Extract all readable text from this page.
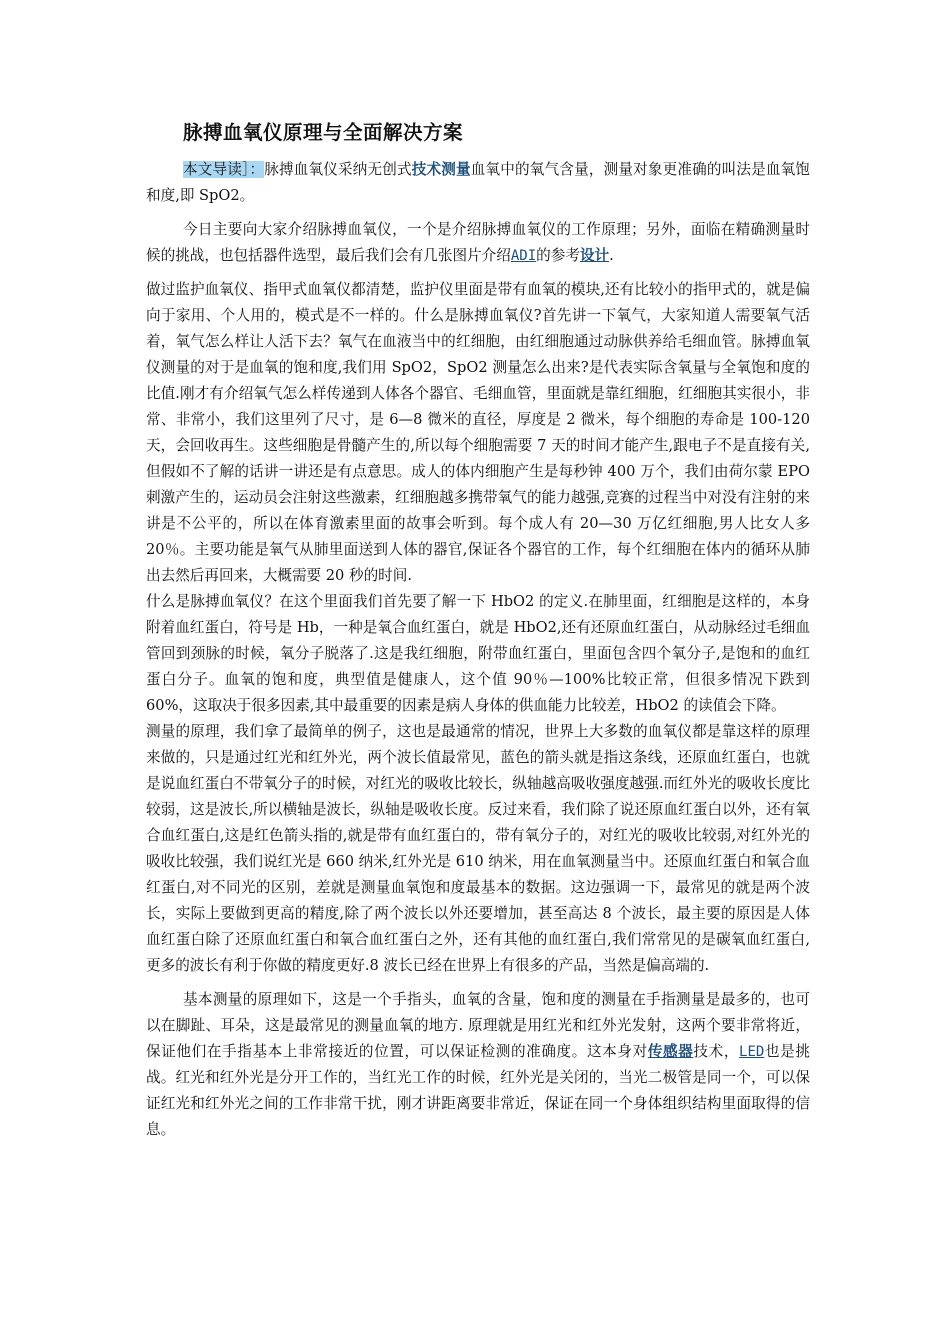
脉搏血氧仪原理与全面解决方案

本文导读］：脉搏血氧仪采纳无创式技术测量血氧中的氧气含量，测量对象更准确的叫法是血氧饱和度,即 SpO2。

今日主要向大家介绍脉搏血氧仪，一个是介绍脉搏血氧仪的工作原理；另外，面临在精确测量时候的挑战，也包括器件选型，最后我们会有几张图片介绍ADI的参考设计.

做过监护血氧仪、指甲式血氧仪都清楚，监护仪里面是带有血氧的模块,还有比较小的指甲式的，就是偏向于家用、个人用的，模式是不一样的。什么是脉搏血氧仪?首先讲一下氧气，大家知道人需要氧气活着，氧气怎么样让人活下去？氧气在血液当中的红细胞，由红细胞通过动脉供养给毛细血管。脉搏血氧仪测量的对于是血氧的饱和度,我们用 SpO2，SpO2 测量怎么出来?是代表实际含氧量与全氧饱和度的比值.刚才有介绍氧气怎么样传递到人体各个器官、毛细血管，里面就是靠红细胞，红细胞其实很小，非常、非常小，我们这里列了尺寸，是 6—8 微米的直径，厚度是 2 微米，每个细胞的寿命是 100-120 天，会回收再生。这些细胞是骨髓产生的,所以每个细胞需要 7 天的时间才能产生,跟电子不是直接有关,但假如不了解的话讲一讲还是有点意思。成人的体内细胞产生是每秒钟 400 万个，我们由荷尔蒙 EPO 刺激产生的，运动员会注射这些激素，红细胞越多携带氧气的能力越强,竞赛的过程当中对没有注射的来讲是不公平的，所以在体育激素里面的故事会听到。每个成人有 20—30 万亿红细胞,男人比女人多 20％。主要功能是氧气从肺里面送到人体的器官,保证各个器官的工作，每个红细胞在体内的循环从肺出去然后再回来，大概需要 20 秒的时间.

什么是脉搏血氧仪？在这个里面我们首先要了解一下 HbO2 的定义.在肺里面，红细胞是这样的，本身附着血红蛋白，符号是 Hb，一种是氧合血红蛋白，就是 HbO2,还有还原血红蛋白，从动脉经过毛细血管回到颈脉的时候，氧分子脱落了.这是我红细胞，附带血红蛋白，里面包含四个氧分子,是饱和的血红蛋白分子。血氧的饱和度，典型值是健康人，这个值 90％—100%比较正常，但很多情况下跌到 60%，这取决于很多因素,其中最重要的因素是病人身体的供血能力比较差，HbO2 的读值会下降。

测量的原理，我们拿了最简单的例子，这也是最通常的情况，世界上大多数的血氧仪都是靠这样的原理来做的，只是通过红光和红外光，两个波长值最常见，蓝色的箭头就是指这条线，还原血红蛋白，也就是说血红蛋白不带氧分子的时候，对红光的吸收比较长，纵轴越高吸收强度越强.而红外光的吸收长度比较弱，这是波长,所以横轴是波长，纵轴是吸收长度。反过来看，我们除了说还原血红蛋白以外，还有氧合血红蛋白,这是红色箭头指的,就是带有血红蛋白的，带有氧分子的，对红光的吸收比较弱,对红外光的吸收比较强，我们说红光是 660 纳米,红外光是 610 纳米，用在血氧测量当中。还原血红蛋白和氧合血红蛋白,对不同光的区别，差就是测量血氧饱和度最基本的数据。这边强调一下，最常见的就是两个波长，实际上要做到更高的精度,除了两个波长以外还要增加，甚至高达 8 个波长，最主要的原因是人体血红蛋白除了还原血红蛋白和氧合血红蛋白之外，还有其他的血红蛋白,我们常常见的是碳氧血红蛋白,更多的波长有利于你做的精度更好.8 波长已经在世界上有很多的产品，当然是偏高端的.

基本测量的原理如下，这是一个手指头，血氧的含量，饱和度的测量在手指测量是最多的，也可以在脚趾、耳朵，这是最常见的测量血氧的地方. 原理就是用红光和红外光发射，这两个要非常将近，保证他们在手指基本上非常接近的位置，可以保证检测的准确度。这本身对传感器技术，LED也是挑战。红光和红外光是分开工作的，当红光工作的时候，红外光是关闭的，当光二极管是同一个，可以保证红光和红外光之间的工作非常干扰，刚才讲距离要非常近，保证在同一个身体组织结构里面取得的信息。
